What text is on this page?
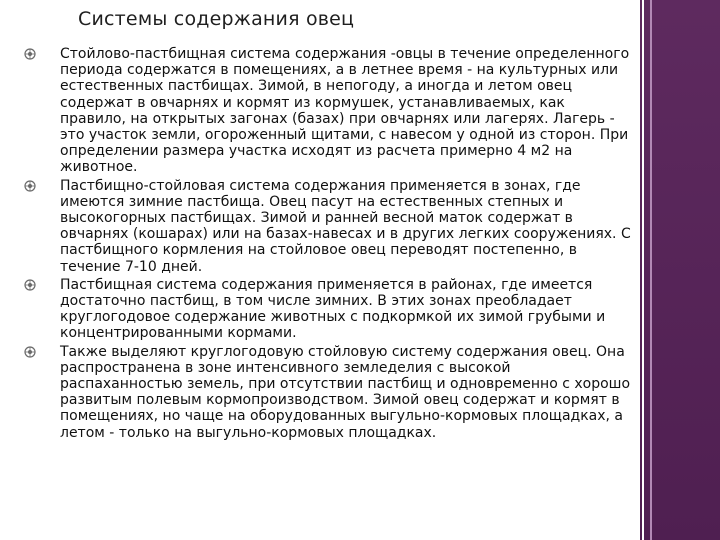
Системы содержания овец
Стойлово-пастбищная система содержания -овцы в течение определенного периода содержатся в помещениях, а в летнее время - на культурных или естественных пастбищах. Зимой, в непогоду, а иногда и летом овец содержат в овчарнях и кормят из кормушек, устанавливаемых, как правило, на открытых загонах (базах) при овчарнях или лагерях. Лагерь - это участок земли, огороженный щитами, с навесом у одной из сторон. При определении размера участка исходят из расчета примерно 4 м2 на животное.
Пастбищно-стойловая система содержания применяется в зонах, где имеются зимние пастбища. Овец пасут на естественных степных и высокогорных пастбищах. Зимой и ранней весной маток содержат в овчарнях (кошарах) или на базах-навесах и в других легких сооружениях. С пастбищного кормления на стойловое овец переводят постепенно, в течение 7-10 дней.
Пастбищная система содержания применяется в районах, где имеется достаточно пастбищ, в том числе зимних. В этих зонах преобладает круглогодовое содержание животных с подкормкой их зимой грубыми и концентрированными кормами.
Также выделяют круглогодовую стойловую систему содержания овец. Она распространена в зоне интенсивного земледелия с высокой распаханностью земель, при отсутствии пастбищ и одновременно с хорошо развитым полевым кормопроизводством. Зимой овец содержат и кормят в помещениях, но чаще на оборудованных выгульно-кормовых площадках, а летом - только на выгульно-кормовых площадках.
